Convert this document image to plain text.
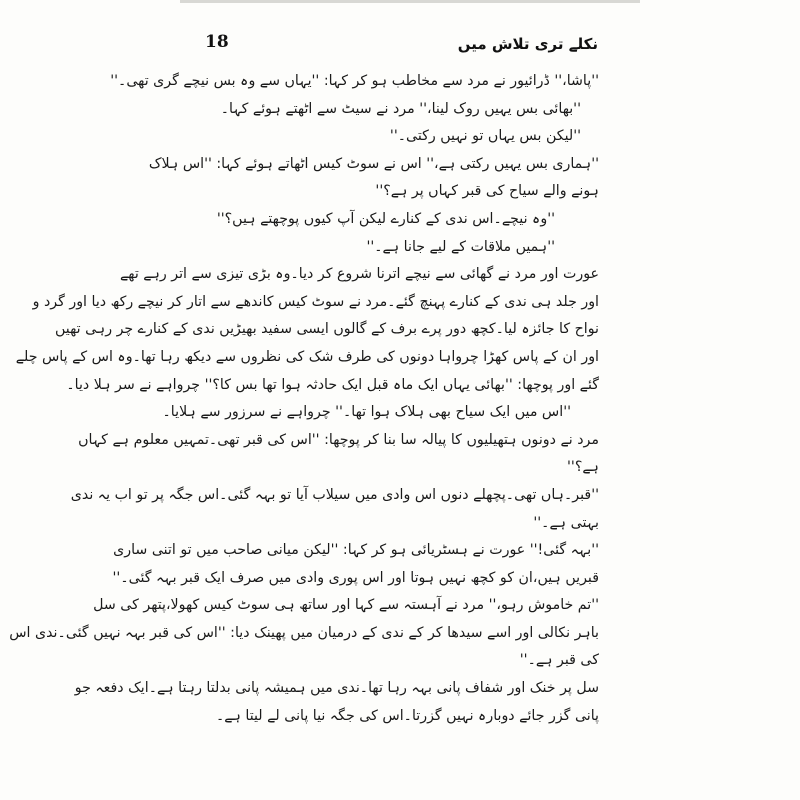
18	نکلے تری تلاش میں
''پاشا،'' ڈرائیور نے مرد سے مخاطب ہو کر کہا: ''یہاں سے وہ بس نیچے گری تھی۔''
''بھائی بس یہیں روک لینا،'' مرد نے سیٹ سے اٹھتے ہوئے کہا۔
''لیکن بس یہاں تو نہیں رکتی۔''
''ہماری بس یہیں رکتی ہے،'' اس نے سوٹ کیس اٹھاتے ہوئے کہا: ''اس ہلاک
ہونے والے سیاح کی قبر کہاں پر ہے؟''
''وہ نیچے۔اس ندی کے کنارے لیکن آپ کیوں پوچھتے ہیں؟''
''ہمیں ملاقات کے لیے جانا ہے۔''
عورت اور مرد نے گھائی سے نیچے اترنا شروع کر دیا۔وہ بڑی تیزی سے اتر رہے تھے
اور جلد ہی ندی کے کنارے پہنچ گئے۔مرد نے سوٹ کیس کاندھے سے اتار کر نیچے رکھ دیا اور گرد و
نواح کا جائزہ لیا۔کچھ دور پرے برف کے گالوں ایسی سفید بھیڑیں ندی کے کنارے چر رہی تھیں
اور ان کے پاس کھڑا چرواہا دونوں کی طرف شک کی نظروں سے دیکھ رہا تھا۔وہ اس کے پاس چلے
گئے اور پوچھا: ''بھائی یہاں ایک ماہ قبل ایک حادثہ ہوا تھا بس کا؟'' چرواہے نے سر ہلا دیا۔
''اس میں ایک سیاح بھی ہلاک ہوا تھا۔'' چرواہے نے سرزور سے ہلایا۔
مرد نے دونوں ہتھیلیوں کا پیالہ سا بنا کر پوچھا: ''اس کی قبر تھی۔تمہیں معلوم ہے کہاں
ہے؟''
''قبر۔ہاں تھی۔پچھلے دنوں اس وادی میں سیلاب آیا تو بہہ گئی۔اس جگہ پر تو اب یہ ندی
بہتی ہے۔''
''بہہ گئی!'' عورت نے ہسٹریائی ہو کر کہا: ''لیکن میانی صاحب میں تو اتنی ساری
قبریں ہیں،ان کو کچھ نہیں ہوتا اور اس پوری وادی میں صرف ایک قبر بہہ گئی۔''
''تم خاموش رہو،'' مرد نے آہستہ سے کہا اور ساتھ ہی سوٹ کیس کھولا،پتھر کی سل
باہر نکالی اور اسے سیدھا کر کے ندی کے درمیان میں پھینک دیا: ''اس کی قبر بہہ نہیں گئی۔ندی اس
کی قبر ہے۔''
سل پر خنک اور شفاف پانی بہہ رہا تھا۔ندی میں ہمیشہ پانی بدلتا رہتا ہے۔ایک دفعہ جو
پانی گزر جائے دوبارہ نہیں گزرتا۔اس کی جگہ نیا پانی لے لیتا ہے۔
